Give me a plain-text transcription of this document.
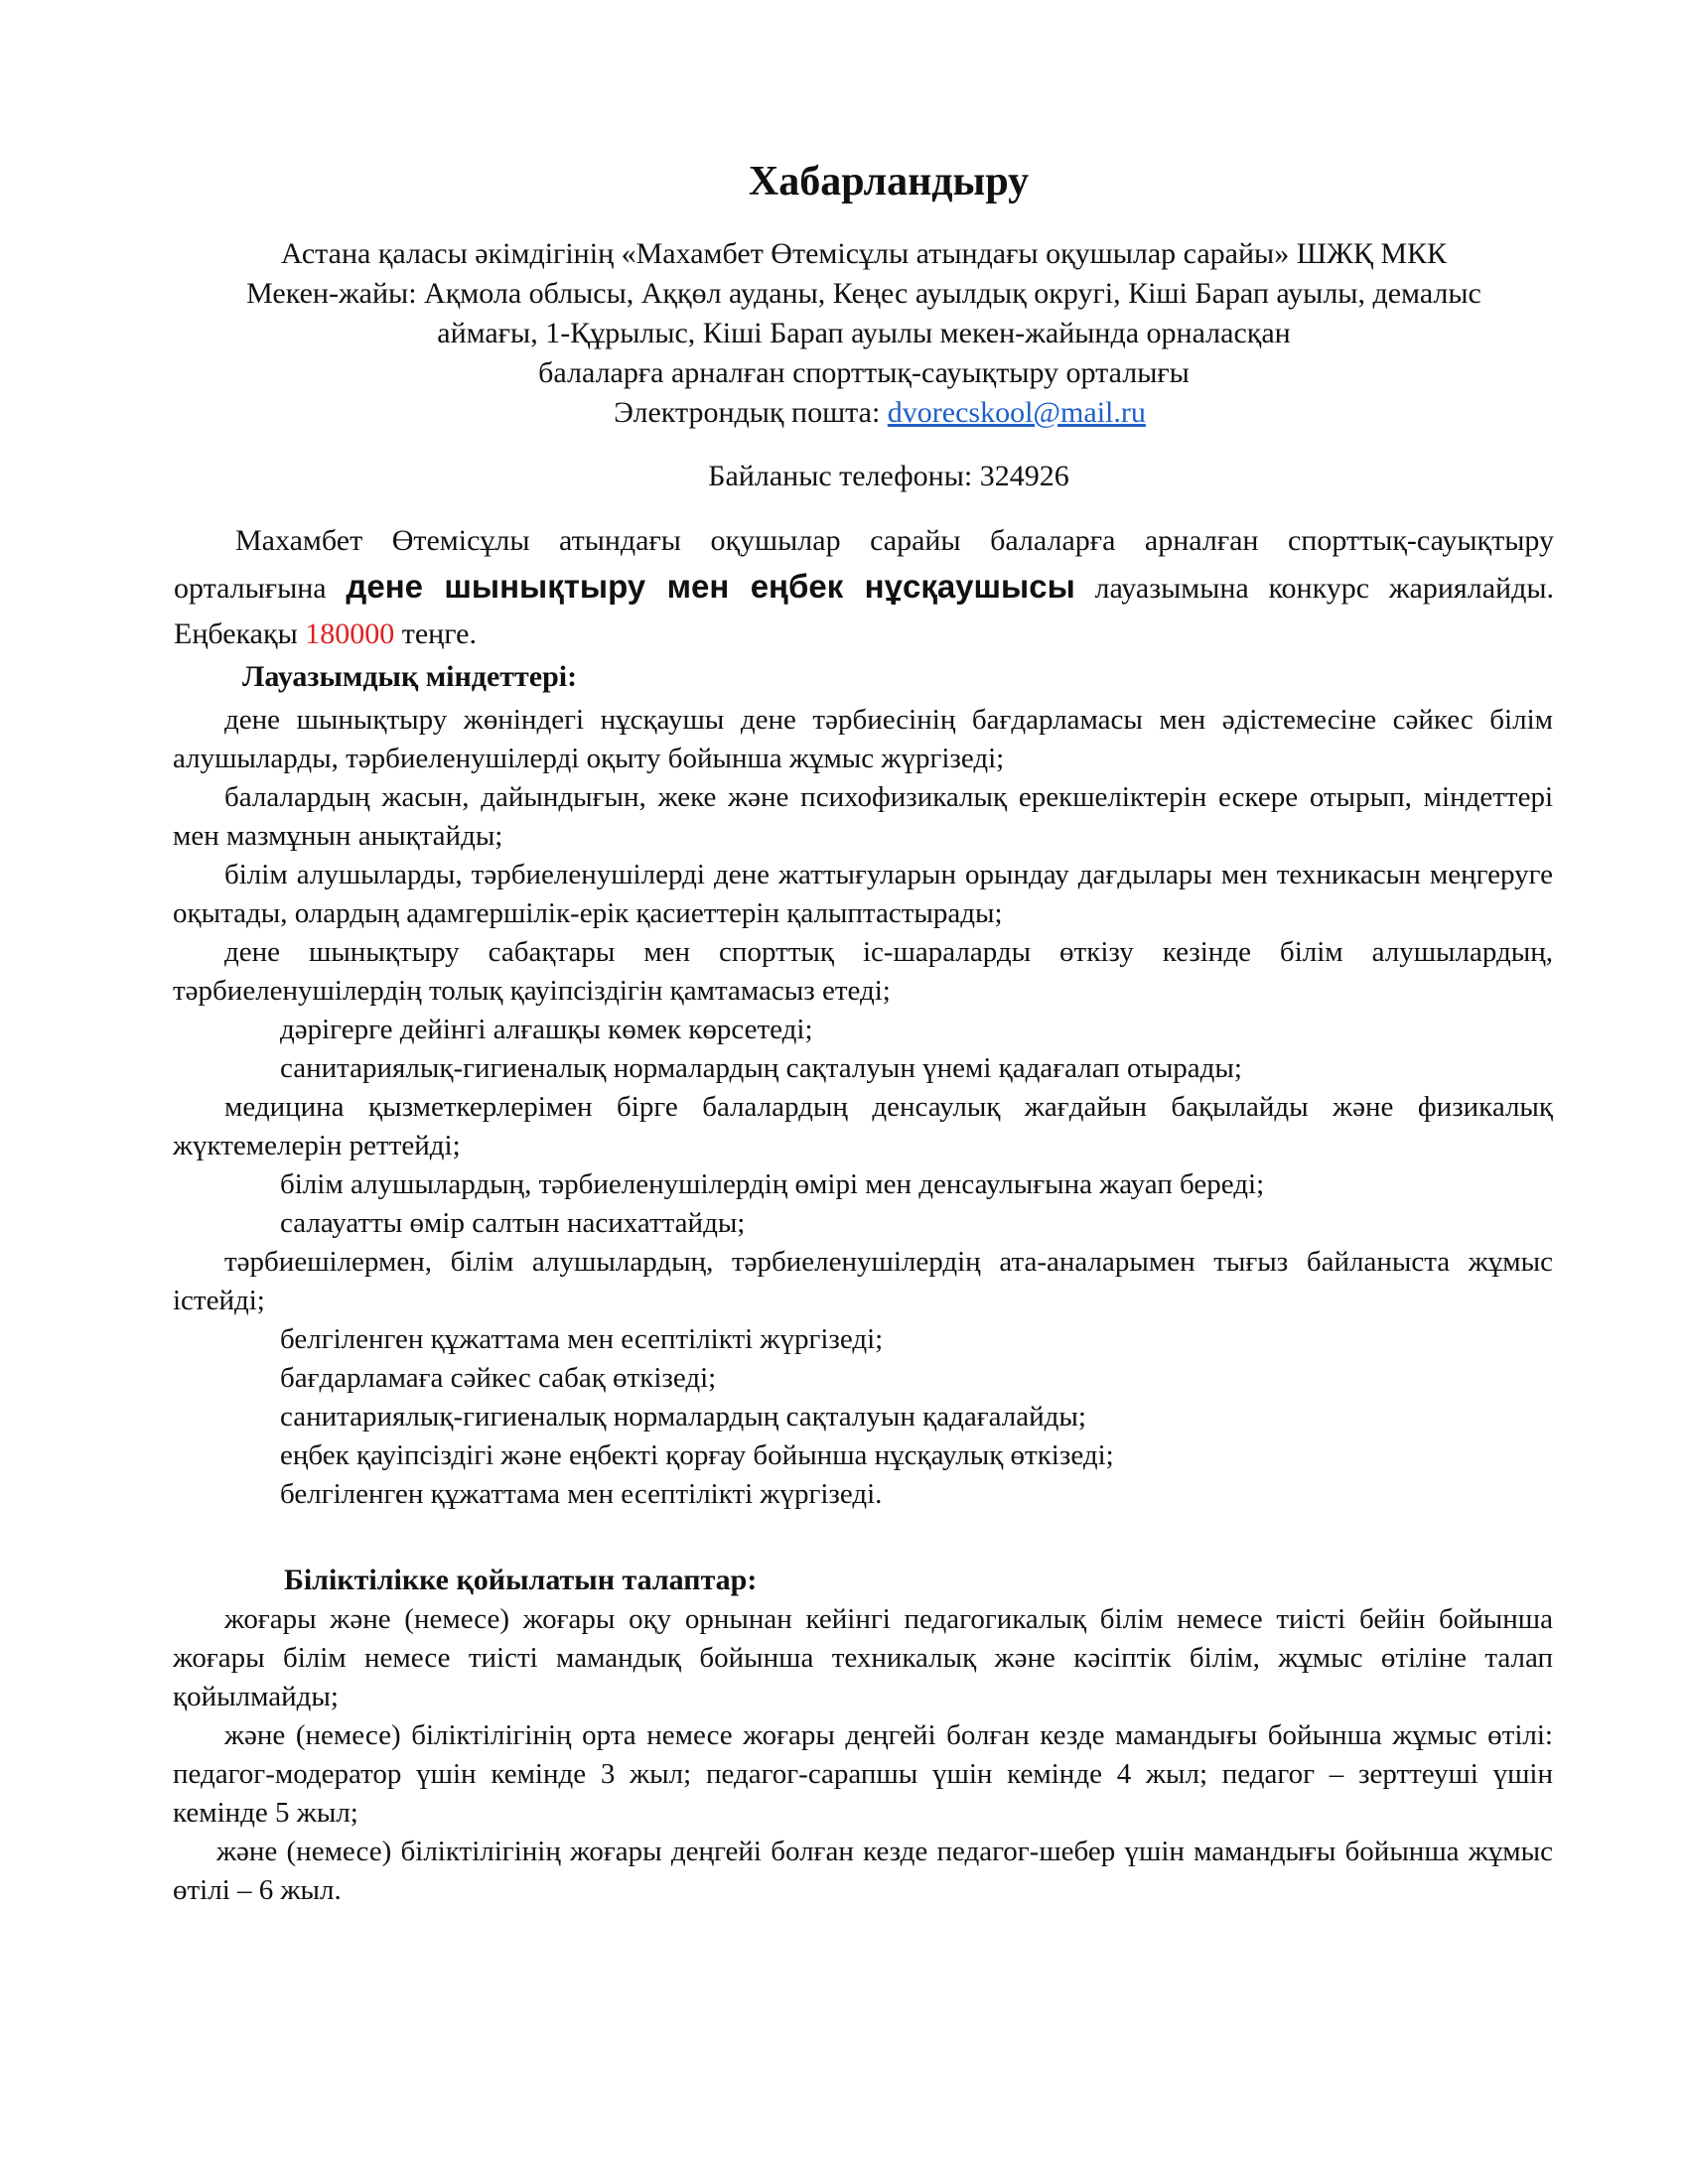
Хабарландыру
Астана қаласы әкімдігінің «Махамбет Өтемісұлы атындағы оқушылар сарайы» ШЖҚ МКК
Мекен-жайы: Ақмола облысы, Аққөл ауданы, Кеңес ауылдық округі, Кіші Барап ауылы, демалыс
аймағы, 1-Құрылыс, Кіші Барап ауылы мекен-жайында орналасқан
балаларға арналған спорттық-сауықтыру орталығы
Электрондық пошта: dvorecskool@mail.ru
Байланыс телефоны: 324926

Махамбет Өтемісұлы атындағы оқушылар сарайы балаларға арналған спорттық-сауықтыру орталығына дене шынықтыру мен еңбек нұсқаушысы лауазымына конкурс жариялайды. Еңбекақы 180000 теңге.

Лауазымдық міндеттері:
дене шынықтыру жөніндегі нұсқаушы дене тәрбиесінің бағдарламасы мен әдістемесіне сәйкес білім алушыларды, тәрбиеленушілерді оқыту бойынша жұмыс жүргізеді;
балалардың жасын, дайындығын, жеке және психофизикалық ерекшеліктерін ескере отырып, міндеттері мен мазмұнын анықтайды;
білім алушыларды, тәрбиеленушілерді дене жаттығуларын орындау дағдылары мен техникасын меңгеруге оқытады, олардың адамгершілік-ерік қасиеттерін қалыптастырады;
дене шынықтыру сабақтары мен спорттық іс-шараларды өткізу кезінде білім алушылардың, тәрбиеленушілердің толық қауіпсіздігін қамтамасыз етеді;
дәрігерге дейінгі алғашқы көмек көрсетеді;
санитариялық-гигиеналық нормалардың сақталуын үнемі қадағалап отырады;
медицина қызметкерлерімен бірге балалардың денсаулық жағдайын бақылайды және физикалық жүктемелерін реттейді;
білім алушылардың, тәрбиеленушілердің өмірі мен денсаулығына жауап береді;
салауатты өмір салтын насихаттайды;
тәрбиешілермен, білім алушылардың, тәрбиеленушілердің ата-аналарымен тығыз байланыста жұмыс істейді;
белгіленген құжаттама мен есептілікті жүргізеді;
бағдарламаға сәйкес сабақ өткізеді;
санитариялық-гигиеналық нормалардың сақталуын қадағалайды;
еңбек қауіпсіздігі және еңбекті қорғау бойынша нұсқаулық өткізеді;
белгіленген құжаттама мен есептілікті жүргізеді.
Біліктілікке қойылатын талаптар:
жоғары және (немесе) жоғары оқу орнынан кейінгі педагогикалық білім немесе тиісті бейін бойынша жоғары білім немесе тиісті мамандық бойынша техникалық және кәсіптік білім, жұмыс өтіліне талап қойылмайды;
және (немесе) біліктілігінің орта немесе жоғары деңгейі болған кезде мамандығы бойынша жұмыс өтілі: педагог-модератор үшін кемінде 3 жыл; педагог-сарапшы үшін кемінде 4 жыл; педагог – зерттеуші үшін кемінде 5 жыл;
және (немесе) біліктілігінің жоғары деңгейі болған кезде педагог-шебер үшін мамандығы бойынша жұмыс өтілі – 6 жыл.
